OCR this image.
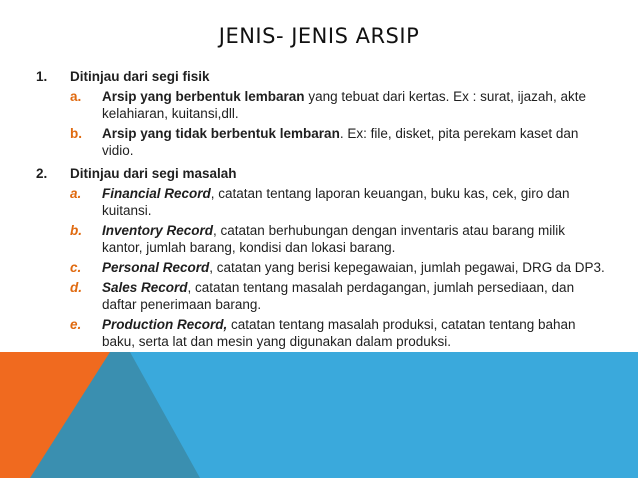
JENIS- JENIS ARSIP
1. Ditinjau dari segi fisik
a. Arsip yang berbentuk lembaran yang tebuat dari kertas. Ex : surat, ijazah, akte kelahiaran, kuitansi,dll.
b. Arsip yang tidak berbentuk lembaran. Ex: file, disket, pita perekam kaset dan vidio.
2. Ditinjau dari segi masalah
a. Financial Record, catatan tentang laporan keuangan, buku kas, cek, giro dan kuitansi.
b. Inventory Record, catatan berhubungan dengan inventaris atau barang milik kantor, jumlah barang, kondisi dan lokasi barang.
c. Personal Record, catatan yang berisi kepegawaian, jumlah pegawai, DRG da DP3.
d. Sales Record, catatan tentang masalah perdagangan, jumlah persediaan, dan daftar penerimaan barang.
e. Production Record, catatan tentang masalah produksi, catatan tentang bahan baku, serta lat dan mesin yang digunakan dalam produksi.
